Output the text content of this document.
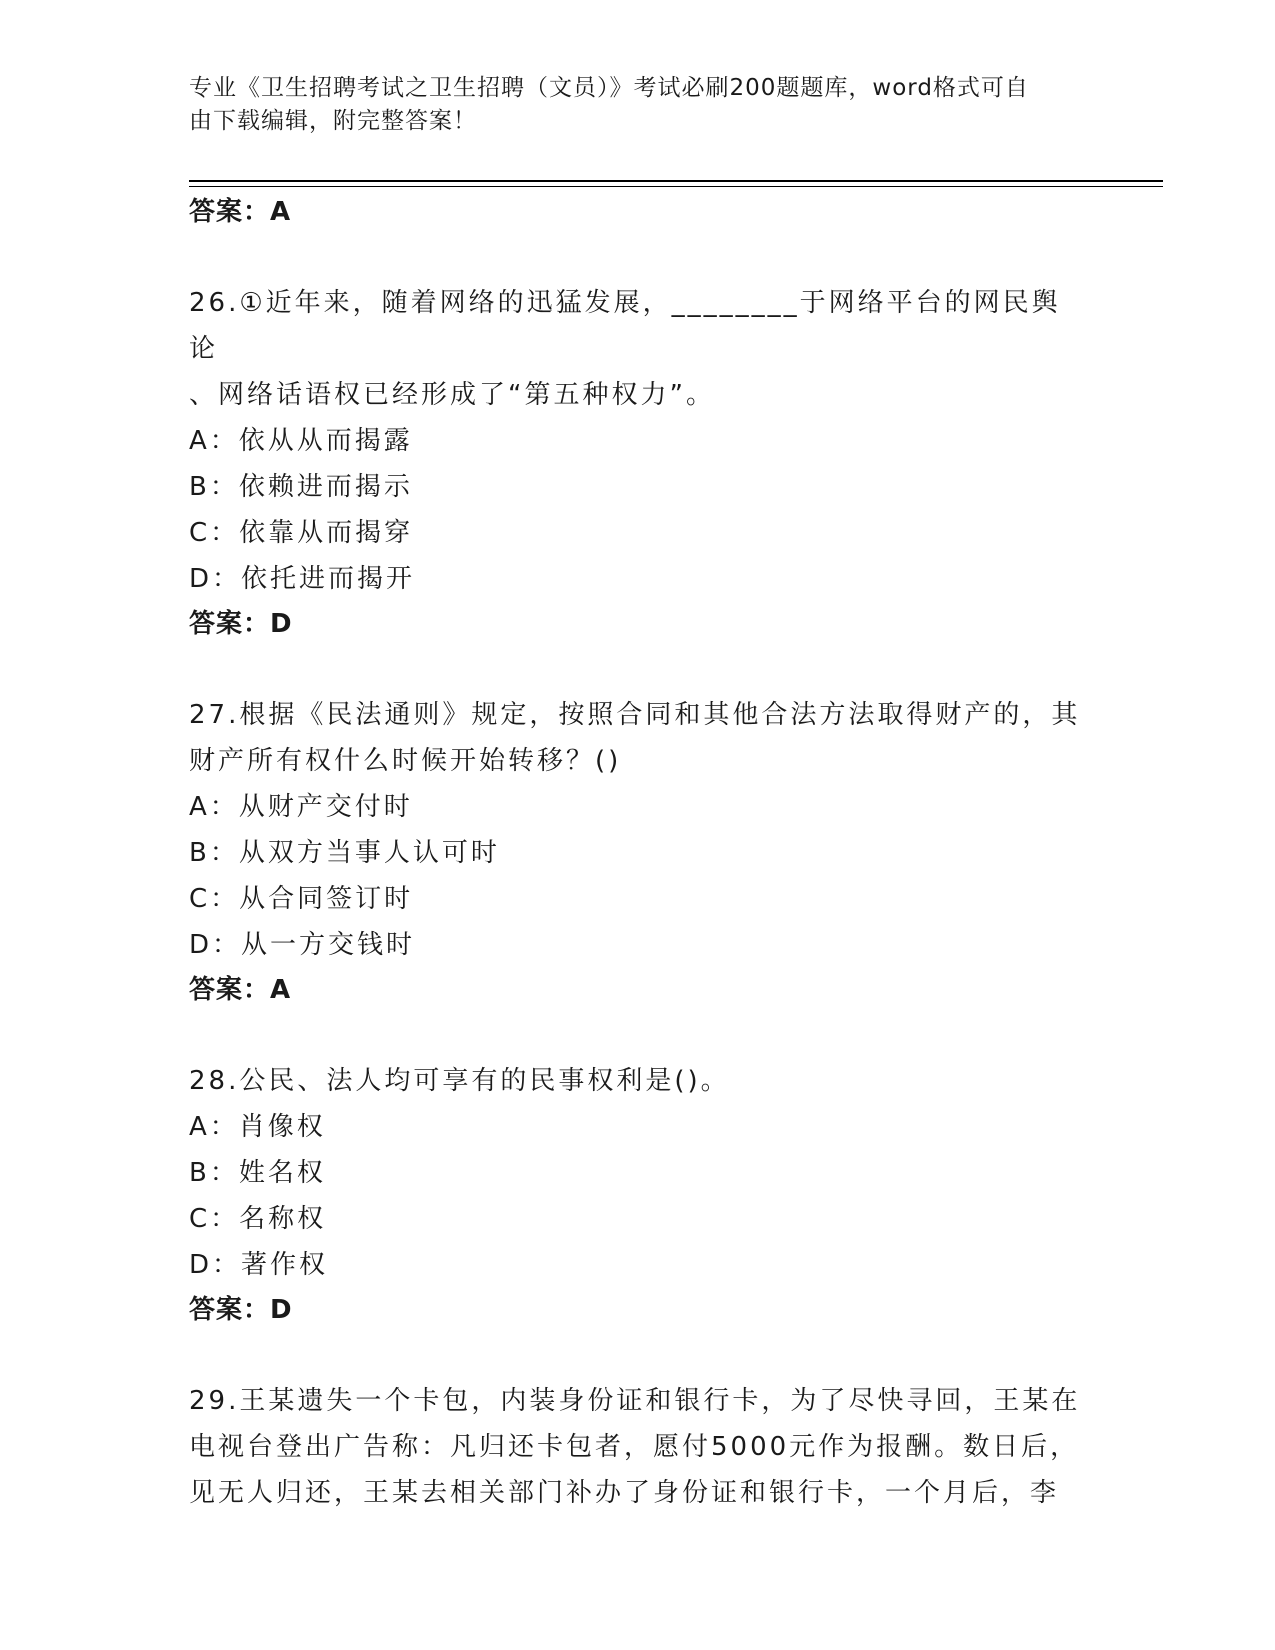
专业《卫生招聘考试之卫生招聘（文员）》考试必刷200题题库，word格式可自
由下载编辑，附完整答案！
答案：A
26.①近年来，随着网络的迅猛发展，________于网络平台的网民舆论
、网络话语权已经形成了“第五种权力”。
A：依从从而揭露
B：依赖进而揭示
C：依靠从而揭穿
D：依托进而揭开
答案：D
27.根据《民法通则》规定，按照合同和其他合法方法取得财产的，其
财产所有权什么时候开始转移？()
A：从财产交付时
B：从双方当事人认可时
C：从合同签订时
D：从一方交钱时
答案：A
28.公民、法人均可享有的民事权利是()。
A：肖像权
B：姓名权
C：名称权
D：著作权
答案：D
29.王某遗失一个卡包，内装身份证和银行卡，为了尽快寻回，王某在
电视台登出广告称：凡归还卡包者，愿付5000元作为报酬。数日后，
见无人归还，王某去相关部门补办了身份证和银行卡，一个月后，李
